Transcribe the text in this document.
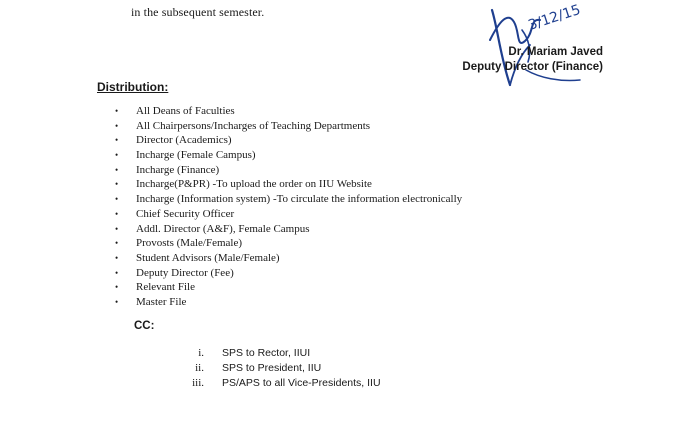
in the subsequent semester.	3/12/15
Dr. Mariam Javed
Deputy Director (Finance)
Distribution:
• All Deans of Faculties
• All Chairpersons/Incharges of Teaching Departments
• Director (Academics)
• Incharge (Female Campus)
• Incharge (Finance)
• Incharge(P&PR) -To upload the order on IIU Website
• Incharge (Information system) -To circulate the information electronically
• Chief Security Officer
• Addl. Director (A&F), Female Campus
• Provosts (Male/Female)
• Student Advisors (Male/Female)
• Deputy Director (Fee)
• Relevant File
• Master File
CC:
i. SPS to Rector, IIUI
ii. SPS to President, IIU
iii. PS/APS to all Vice-Presidents, IIU
